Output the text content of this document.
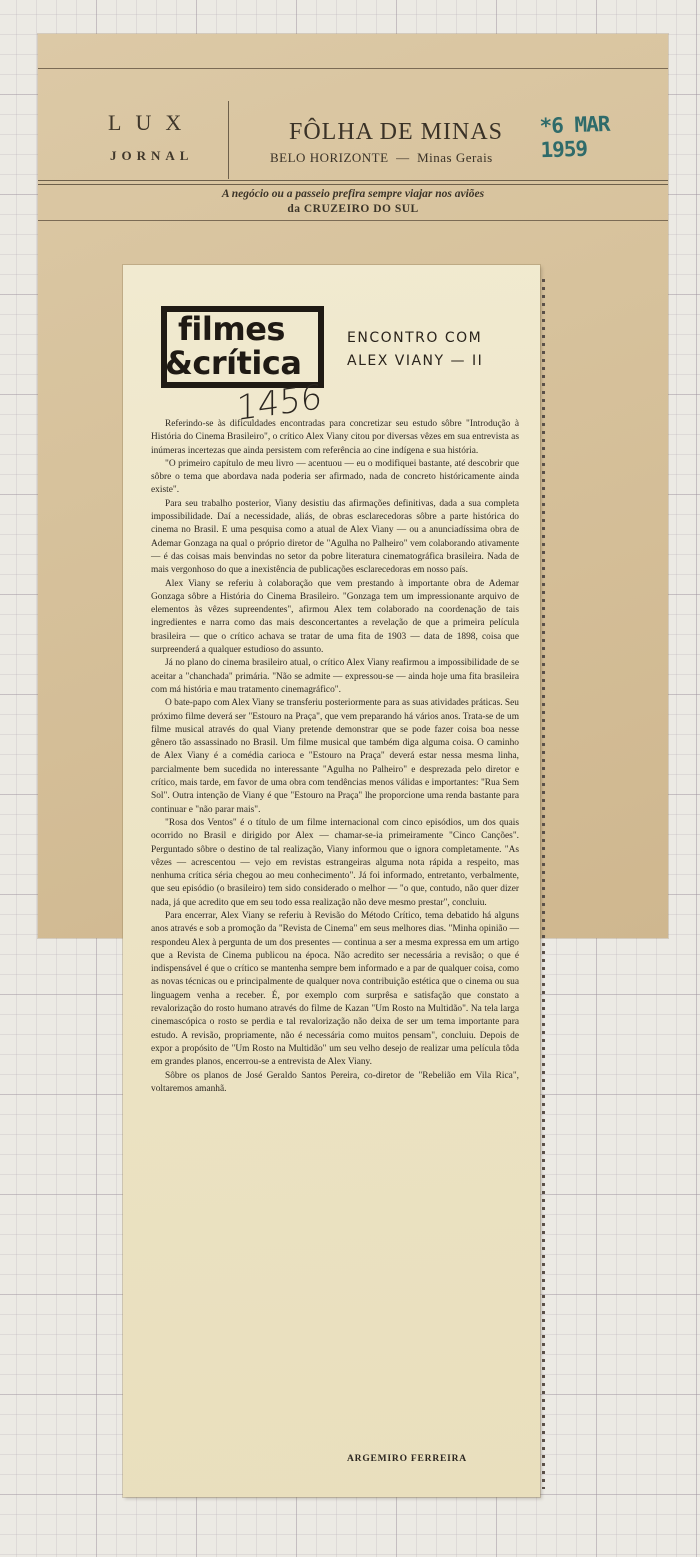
LUX
JORNAL
FÔLHA DE MINAS
BELO HORIZONTE  —  Minas Gerais
*6 MAR 1959
A negócio ou a passeio prefira sempre viajar nos aviões
da CRUZEIRO DO SUL
filmes
&crítica
ENCONTRO COM
ALEX VIANY — II
1456

Referindo-se às dificuldades encontradas para concretizar seu estudo sôbre "Introdução à História do Cinema Brasileiro", o crítico Alex Viany citou por diversas vêzes em sua entrevista as inúmeras incertezas que ainda persistem com referência ao cine indígena e sua história.

"O primeiro capítulo de meu livro — acentuou — eu o modifiquei bastante, até descobrir que sôbre o tema que abordava nada poderia ser afirmado, nada de concreto históricamente ainda existe".

Para seu trabalho posterior, Viany desistiu das afirmações definitivas, dada a sua completa impossibilidade. Daí a necessidade, aliás, de obras esclarecedoras sôbre a parte histórica do cinema no Brasil. E uma pesquisa como a atual de Alex Viany — ou a anunciadíssima obra de Ademar Gonzaga na qual o próprio diretor de "Agulha no Palheiro" vem colaborando ativamente — é das coisas mais benvindas no setor da pobre literatura cinematográfica brasileira. Nada de mais vergonhoso do que a inexistência de publicações esclarecedoras em nosso país.

Alex Viany se referiu à colaboração que vem prestando à importante obra de Ademar Gonzaga sôbre a História do Cinema Brasileiro. "Gonzaga tem um impressionante arquivo de elementos às vêzes supreendentes", afirmou Alex tem colaborado na coordenação de tais ingredientes e narra como das mais desconcertantes a revelação de que a primeira película brasileira — que o crítico achava se tratar de uma fita de 1903 — data de 1898, coisa que surpreenderá a qualquer estudioso do assunto.

Já no plano do cinema brasileiro atual, o crítico Alex Viany reafirmou a impossibilidade de se aceitar a "chanchada" primária. "Não se admite — expressou-se — ainda hoje uma fita brasileira com má história e mau tratamento cinemagráfico".

O bate-papo com Alex Viany se transferiu posteriormente para as suas atividades práticas. Seu próximo filme deverá ser "Estouro na Praça", que vem preparando há vários anos. Trata-se de um filme musical através do qual Viany pretende demonstrar que se pode fazer coisa boa nesse gênero tão assassinado no Brasil. Um filme musical que também diga alguma coisa. O caminho de Alex Viany é a comédia carioca e "Estouro na Praça" deverá estar nessa mesma linha, parcialmente bem sucedida no interessante "Agulha no Palheiro" e desprezada pelo diretor e crítico, mais tarde, em favor de uma obra com tendências menos válidas e importantes: "Rua Sem Sol". Outra intenção de Viany é que "Estouro na Praça" lhe proporcione uma renda bastante para continuar e "não parar mais".

"Rosa dos Ventos" é o título de um filme internacional com cinco episódios, um dos quais ocorrido no Brasil e dirigido por Alex — chamar-se-ia primeiramente "Cinco Canções". Perguntado sôbre o destino de tal realização, Viany informou que o ignora completamente. "As vêzes — acrescentou — vejo em revistas estrangeiras alguma nota rápida a respeito, mas nenhuma crítica séria chegou ao meu conhecimento". Já foi informado, entretanto, verbalmente, que seu episódio (o brasileiro) tem sido considerado o melhor — "o que, contudo, não quer dizer nada, já que acredito que em seu todo essa realização não deve mesmo prestar", concluiu.

Para encerrar, Alex Viany se referiu à Revisão do Método Crítico, tema debatido há alguns anos através e sob a promoção da "Revista de Cinema" em seus melhores dias. "Minha opinião — respondeu Alex à pergunta de um dos presentes — continua a ser a mesma expressa em um artigo que a Revista de Cinema publicou na época. Não acredito ser necessária a revisão; o que é indispensável é que o crítico se mantenha sempre bem informado e a par de qualquer coisa, como as novas técnicas ou e principalmente de qualquer nova contribuição estética que o cinema ou sua linguagem venha a receber. É, por exemplo com surprêsa e satisfação que constato a revalorização do rosto humano através do filme de Kazan "Um Rosto na Multidão". Na tela larga cinemascópica o rosto se perdia e tal revalorização não deixa de ser um tema importante para estudo. A revisão, propriamente, não é necessária como muitos pensam", concluiu. Depois de expor a propósito de "Um Rosto na Multidão" um seu velho desejo de realizar uma película tôda em grandes planos, encerrou-se a entrevista de Alex Viany.

Sôbre os planos de José Geraldo Santos Pereira, co-diretor de "Rebelião em Vila Rica", voltaremos amanhã.

ARGEMIRO FERREIRA
